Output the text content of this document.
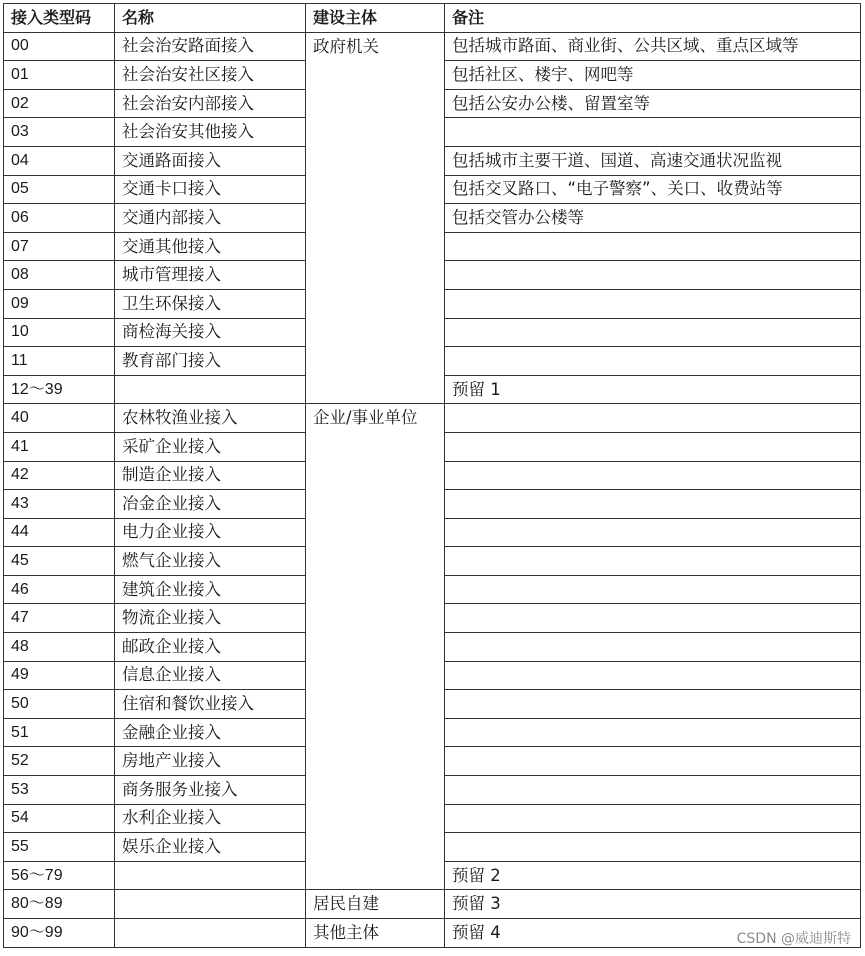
接入类型码	名称	建设主体	备注
00	社会治安路面接入	政府机关	包括城市路面、商业街、公共区域、重点区域等
01	社会治安社区接入		包括社区、楼宇、网吧等
02	社会治安内部接入		包括公安办公楼、留置室等
03	社会治安其他接入		
04	交通路面接入		包括城市主要干道、国道、高速交通状况监视
05	交通卡口接入		包括交叉路口、“电子警察”、关口、收费站等
06	交通内部接入		包括交管办公楼等
07	交通其他接入		
08	城市管理接入		
09	卫生环保接入		
10	商检海关接入		
11	教育部门接入		
12～39			预留 1
40	农林牧渔业接入	企业/事业单位	
41	采矿企业接入		
42	制造企业接入		
43	冶金企业接入		
44	电力企业接入		
45	燃气企业接入		
46	建筑企业接入		
47	物流企业接入		
48	邮政企业接入		
49	信息企业接入		
50	住宿和餐饮业接入		
51	金融企业接入		
52	房地产业接入		
53	商务服务业接入		
54	水利企业接入		
55	娱乐企业接入		
56～79			预留 2
80～89		居民自建	预留 3
90～99		其他主体	预留 4	CSDN @威迪斯特
